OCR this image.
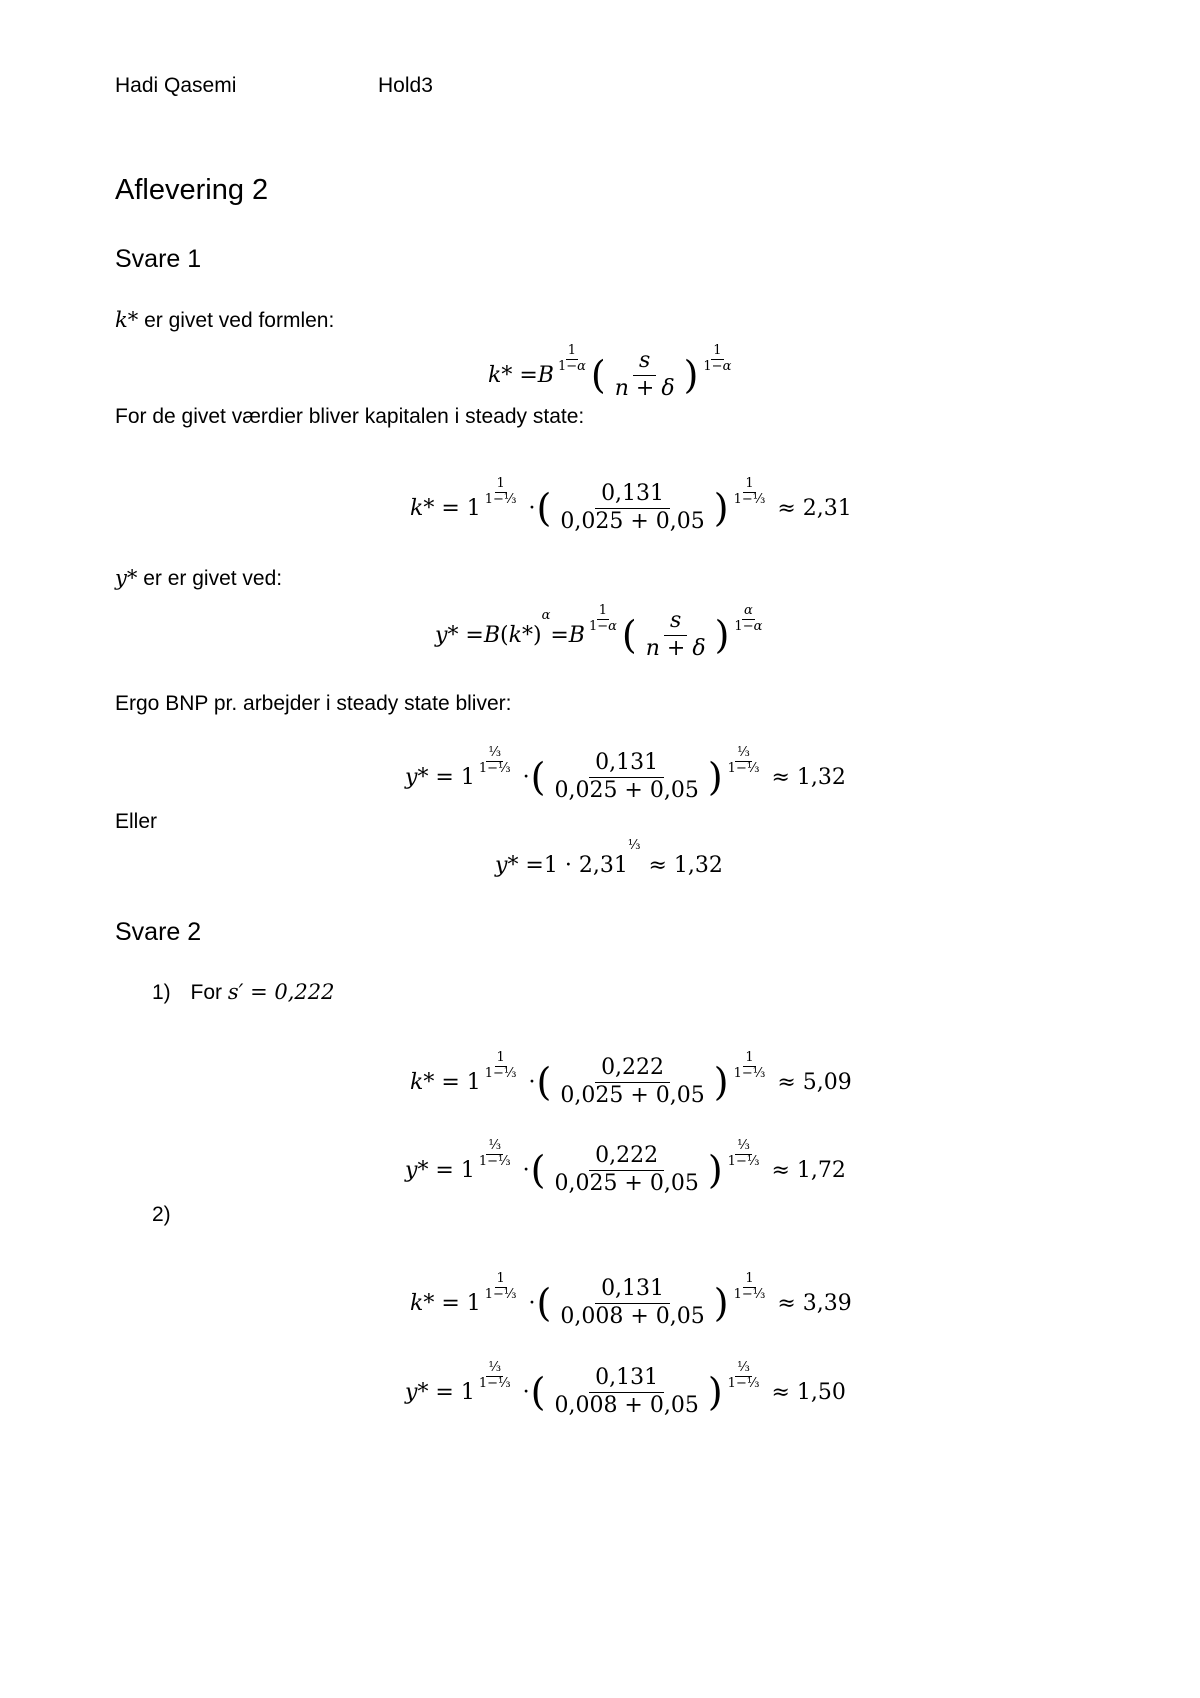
Hadi Qasemi	Hold3
Aflevering 2
Svare 1
k* er givet ved formlen:
k * = B
$\frac{1}{1-\alpha}$ ( $\frac{s}{n + \delta}$ ) $\frac{1}{1-\alpha}$
For de givet værdier bliver kapitalen i steady state:
k * = 1
$\frac{1}{\text{1−⅓}}$
· ( $\frac{0,131}{0,025 + 0,05}$ ) $\frac{1}{\text{1−⅓}}$
≈ 2,31
y* er er givet ved:
y * = B ( k *)
α
= B
$\frac{1}{1-\alpha}$ ( $\frac{s}{n + \delta}$ ) $\frac{\alpha}{1-\alpha}$
Ergo BNP pr. arbejder i steady state bliver:
y * = 1
$\frac{\text{⅓}}{\text{1−⅓}}$
· ( $\frac{0,131}{0,025 + 0,05}$ ) $\frac{\text{⅓}}{\text{1−⅓}}$
≈ 1,32
Eller
y * = 1 · 2,31
⅓
≈ 1,32
Svare 2
1) For s′ = 0,222
k * = 1
$\frac{1}{\text{1−⅓}}$
· ( $\frac{0,222}{0,025 + 0,05}$ ) $\frac{1}{\text{1−⅓}}$
≈ 5,09
y * = 1
$\frac{\text{⅓}}{\text{1−⅓}}$
· ( $\frac{0,222}{0,025 + 0,05}$ ) $\frac{\text{⅓}}{\text{1−⅓}}$
≈ 1,72
2)
k * = 1
$\frac{1}{\text{1−⅓}}$
· ( $\frac{0,131}{0,008 + 0,05}$ ) $\frac{1}{\text{1−⅓}}$
≈ 3,39
y * = 1
$\frac{\text{⅓}}{\text{1−⅓}}$
· ( $\frac{0,131}{0,008 + 0,05}$ ) $\frac{\text{⅓}}{\text{1−⅓}}$
≈ 1,50
